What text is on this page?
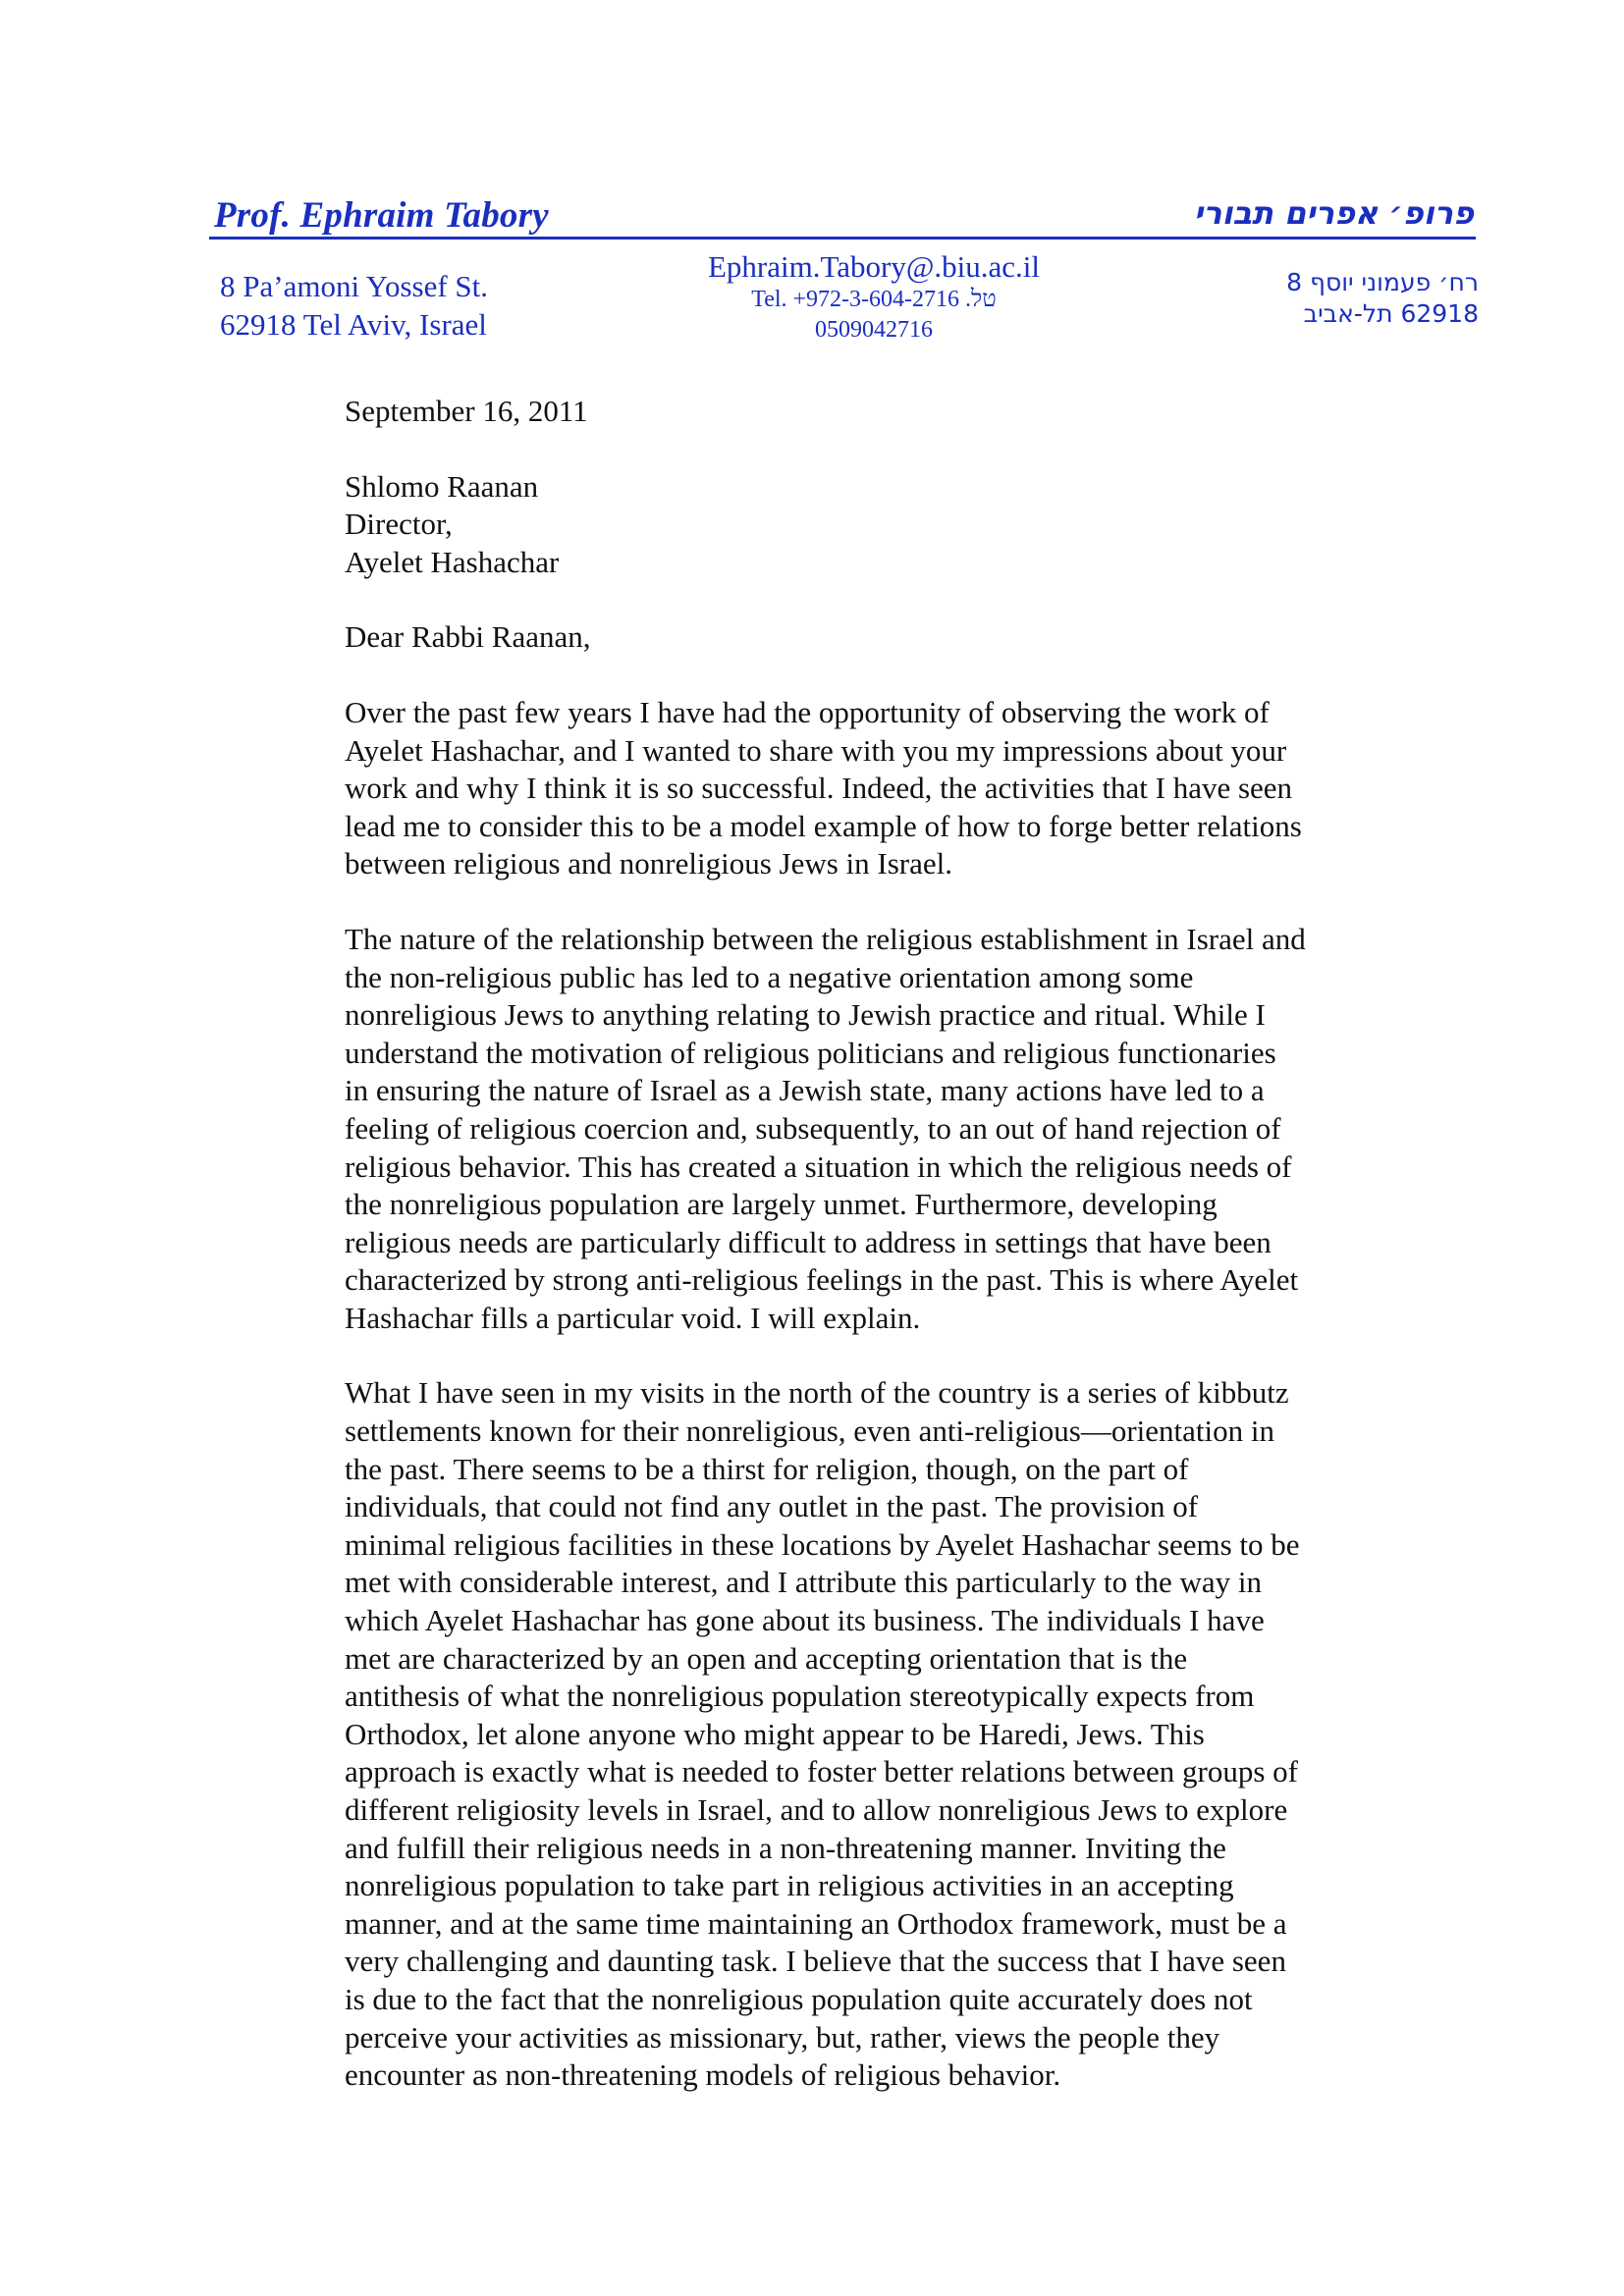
Prof. Ephraim Tabory	פרופ׳ אפרים תבורי
8 Pa’amoni Yossef St.
62918 Tel Aviv, Israel
Ephraim.Tabory@.biu.ac.il
Tel. +972-3-604-2716 .טל
0509042716
רח׳ פעמוני יוסף 8
62918 תל-אביב

September 16, 2011

Shlomo Raanan
Director,
Ayelet Hashachar

Dear Rabbi Raanan,

Over the past few years I have had the opportunity of observing the work of
Ayelet Hashachar, and I wanted to share with you my impressions about your
work and why I think it is so successful. Indeed, the activities that I have seen
lead me to consider this to be a model example of how to forge better relations
between religious and nonreligious Jews in Israel.

The nature of the relationship between the religious establishment in Israel and
the non-religious public has led to a negative orientation among some
nonreligious Jews to anything relating to Jewish practice and ritual. While I
understand the motivation of religious politicians and religious functionaries
in ensuring the nature of Israel as a Jewish state, many actions have led to a
feeling of religious coercion and, subsequently, to an out of hand rejection of
religious behavior. This has created a situation in which the religious needs of
the nonreligious population are largely unmet. Furthermore, developing
religious needs are particularly difficult to address in settings that have been
characterized by strong anti-religious feelings in the past. This is where Ayelet
Hashachar fills a particular void. I will explain.

What I have seen in my visits in the north of the country is a series of kibbutz
settlements known for their nonreligious, even anti-religious—orientation in
the past. There seems to be a thirst for religion, though, on the part of
individuals, that could not find any outlet in the past. The provision of
minimal religious facilities in these locations by Ayelet Hashachar seems to be
met with considerable interest, and I attribute this particularly to the way in
which Ayelet Hashachar has gone about its business. The individuals I have
met are characterized by an open and accepting orientation that is the
antithesis of what the nonreligious population stereotypically expects from
Orthodox, let alone anyone who might appear to be Haredi, Jews. This
approach is exactly what is needed to foster better relations between groups of
different religiosity levels in Israel, and to allow nonreligious Jews to explore
and fulfill their religious needs in a non-threatening manner. Inviting the
nonreligious population to take part in religious activities in an accepting
manner, and at the same time maintaining an Orthodox framework, must be a
very challenging and daunting task. I believe that the success that I have seen
is due to the fact that the nonreligious population quite accurately does not
perceive your activities as missionary, but, rather, views the people they
encounter as non-threatening models of religious behavior.
